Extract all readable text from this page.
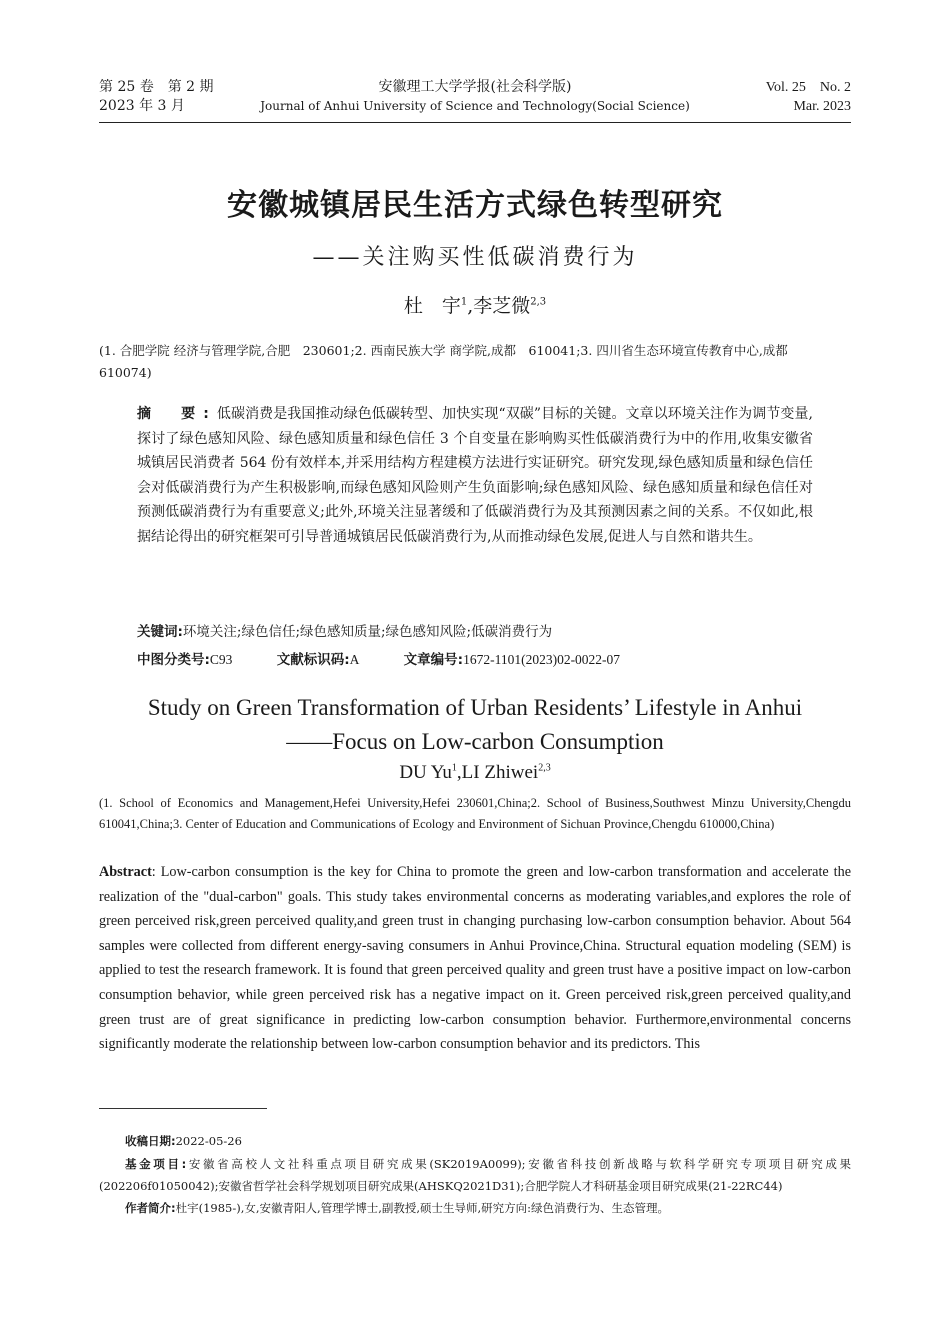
第 25 卷　第 2 期
2023 年 3 月
安徽理工大学学报(社会科学版)
Journal of Anhui University of Science and Technology(Social Science)
Vol. 25　No. 2
Mar. 2023
安徽城镇居民生活方式绿色转型研究
——关注购买性低碳消费行为
杜　宇$^1$,李芝微$^{2,3}$
(1. 合肥学院 经济与管理学院,合肥　230601;2. 西南民族大学 商学院,成都　610041;3. 四川省生态环境宣传教育中心,成都　610074)
摘　要:低碳消费是我国推动绿色低碳转型、加快实现“双碳”目标的关键。文章以环境关注作为调节变量,探讨了绿色感知风险、绿色感知质量和绿色信任 3 个自变量在影响购买性低碳消费行为中的作用,收集安徽省城镇居民消费者 564 份有效样本,并采用结构方程建模方法进行实证研究。研究发现,绿色感知质量和绿色信任会对低碳消费行为产生积极影响,而绿色感知风险则产生负面影响;绿色感知风险、绿色感知质量和绿色信任对预测低碳消费行为有重要意义;此外,环境关注显著缓和了低碳消费行为及其预测因素之间的关系。不仅如此,根据结论得出的研究框架可引导普通城镇居民低碳消费行为,从而推动绿色发展,促进人与自然和谐共生。
关键词:环境关注;绿色信任;绿色感知质量;绿色感知风险;低碳消费行为
中图分类号:C93	文献标识码:A	文章编号:1672-1101(2023)02-0022-07
Study on Green Transformation of Urban Residents’ Lifestyle in Anhui
——Focus on Low-carbon Consumption
DU Yu$^1$,LI Zhiwei$^{2,3}$
(1. School of Economics and Management,Hefei University,Hefei 230601,China;2. School of Business,Southwest Minzu University,Chengdu 610041,China;3. Center of Education and Communications of Ecology and Environment of Sichuan Province,Chengdu 610000,China)
Abstract: Low-carbon consumption is the key for China to promote the green and low-carbon transformation and accelerate the realization of the "dual-carbon" goals. This study takes environmental concerns as moderating variables,and explores the role of green perceived risk,green perceived quality,and green trust in changing purchasing low-carbon consumption behavior. About 564 samples were collected from different energy-saving consumers in Anhui Province,China. Structural equation modeling (SEM) is applied to test the research framework. It is found that green perceived quality and green trust have a positive impact on low-carbon consumption behavior, while green perceived risk has a negative impact on it. Green perceived risk,green perceived quality,and green trust are of great significance in predicting low-carbon consumption behavior. Furthermore,environmental concerns significantly moderate the relationship between low-carbon consumption behavior and its predictors. This
收稿日期:2022-05-26
基金项目:安徽省高校人文社科重点项目研究成果(SK2019A0099);安徽省科技创新战略与软科学研究专项项目研究成果(202206f01050042);安徽省哲学社会科学规划项目研究成果(AHSKQ2021D31);合肥学院人才科研基金项目研究成果(21-22RC44)
作者简介:杜宇(1985-),女,安徽青阳人,管理学博士,副教授,硕士生导师,研究方向:绿色消费行为、生态管理。
